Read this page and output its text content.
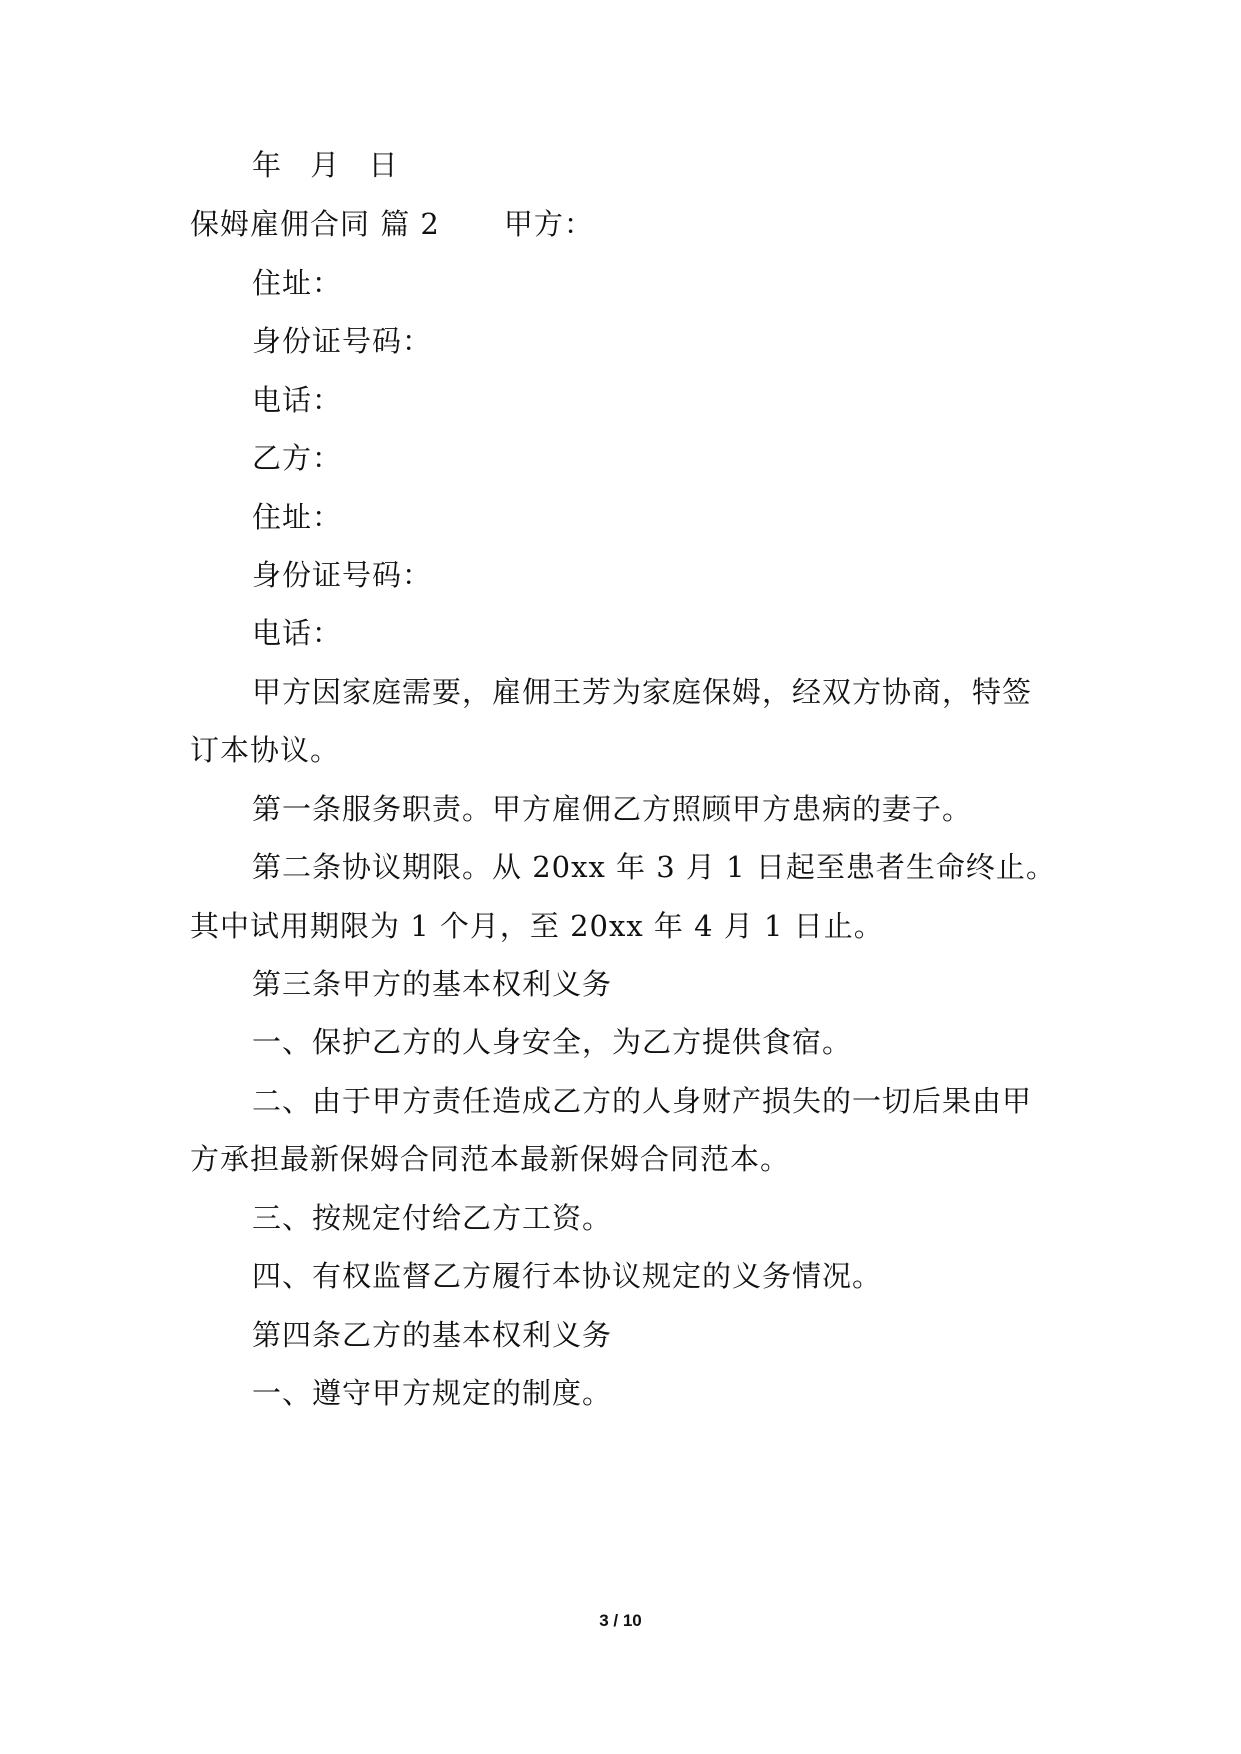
年 月 日
保姆雇佣合同 篇 2 甲方：
住址：
身份证号码：
电话：
乙方：
住址：
身份证号码：
电话：
甲方因家庭需要，雇佣王芳为家庭保姆，经双方协商，特签
订本协议。
第一条服务职责。甲方雇佣乙方照顾甲方患病的妻子。
第二条协议期限。从 20xx 年 3 月 1 日起至患者生命终止。
其中试用期限为 1 个月，至 20xx 年 4 月 1 日止。
第三条甲方的基本权利义务
一、保护乙方的人身安全，为乙方提供食宿。
二、由于甲方责任造成乙方的人身财产损失的一切后果由甲
方承担最新保姆合同范本最新保姆合同范本。
三、按规定付给乙方工资。
四、有权监督乙方履行本协议规定的义务情况。
第四条乙方的基本权利义务
一、遵守甲方规定的制度。
3 / 10
